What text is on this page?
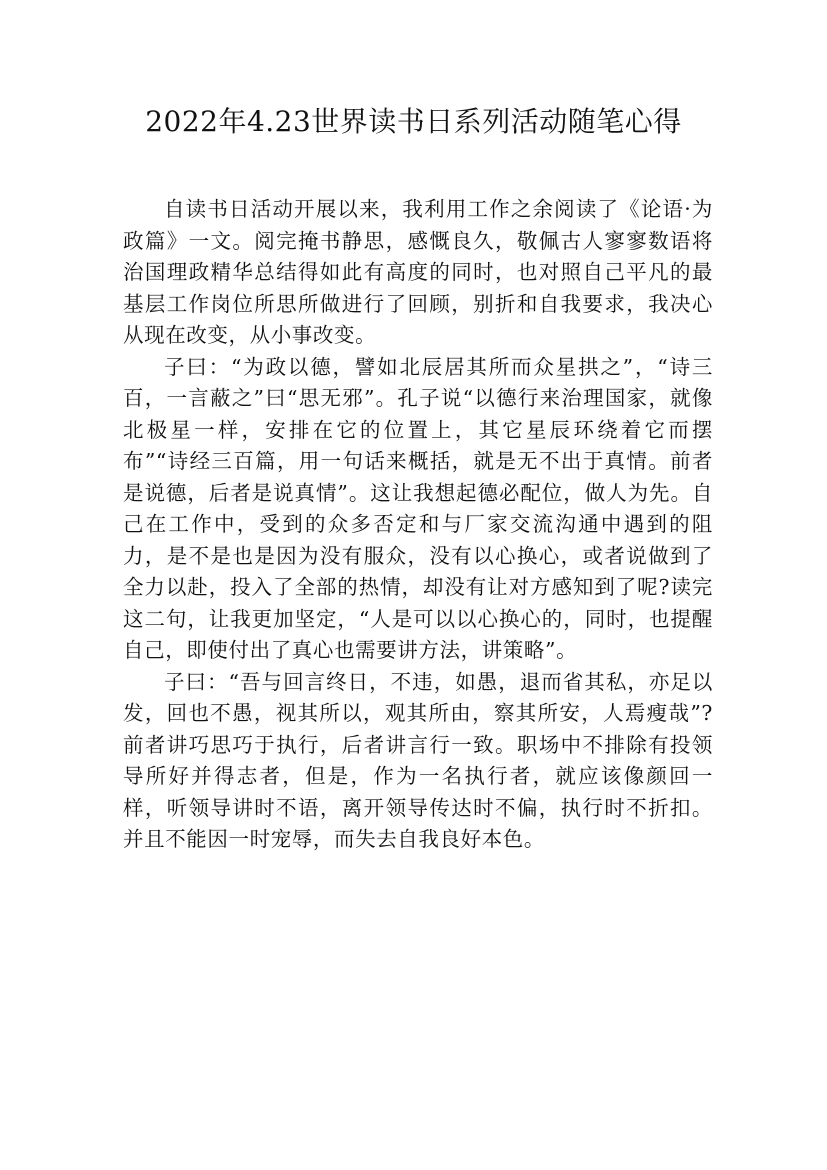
2022年4.23世界读书日系列活动随笔心得

自读书日活动开展以来，我利用工作之余阅读了《论语·为政篇》一文。阅完掩书静思，感慨良久，敬佩古人寥寥数语将治国理政精华总结得如此有高度的同时，也对照自己平凡的最基层工作岗位所思所做进行了回顾，别折和自我要求，我决心从现在改变，从小事改变。

子曰：“为政以德，譬如北辰居其所而众星拱之”，“诗三百，一言蔽之”曰“思无邪”。孔子说“以德行来治理国家，就像北极星一样，安排在它的位置上，其它星辰环绕着它而摆布”“诗经三百篇，用一句话来概括，就是无不出于真情。前者是说德，后者是说真情”。这让我想起德必配位，做人为先。自己在工作中，受到的众多否定和与厂家交流沟通中遇到的阻力，是不是也是因为没有服众，没有以心换心，或者说做到了全力以赴，投入了全部的热情，却没有让对方感知到了呢?读完这二句，让我更加坚定，“人是可以以心换心的，同时，也提醒自己，即使付出了真心也需要讲方法，讲策略”。

子曰：“吾与回言终日，不违，如愚，退而省其私，亦足以发，回也不愚，视其所以，观其所由，察其所安，人焉瘦哉”?前者讲巧思巧于执行，后者讲言行一致。职场中不排除有投领导所好并得志者，但是，作为一名执行者，就应该像颜回一样，听领导讲时不语，离开领导传达时不偏，执行时不折扣。并且不能因一时宠辱，而失去自我良好本色。
